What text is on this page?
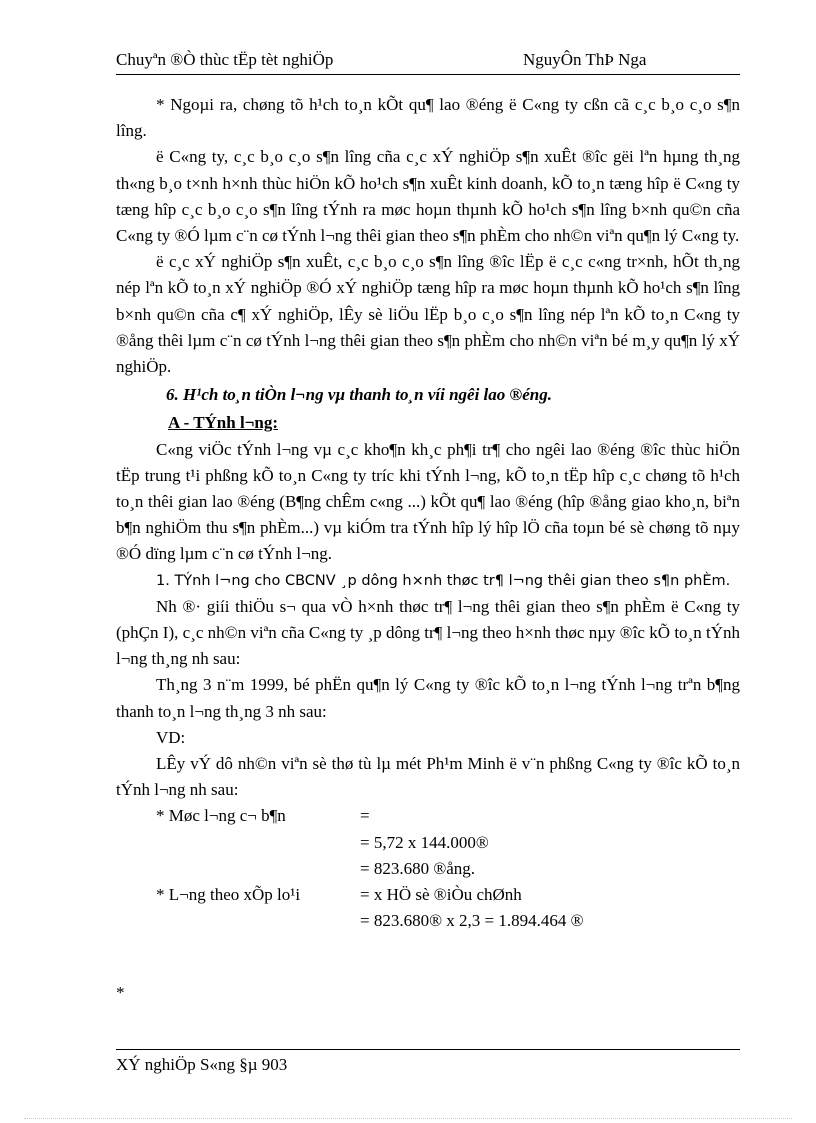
Chuyªn ®Ò thùc tËp tèt nghiÖp	NguyÔn ThÞ Nga

* Ngoµi ra, chøng tõ h¹ch to¸n kÕt qu¶ lao ®éng ë C«ng ty cßn cã c¸c b¸o c¸o s¶n lîng.

ë C«ng ty, c¸c b¸o c¸o s¶n lîng cña c¸c xÝ nghiÖp s¶n xuÊt ®îc gëi lªn hµng th¸ng th«ng b¸o t×nh h×nh thùc hiÖn kÕ ho¹ch s¶n xuÊt kinh doanh, kÕ to¸n tæng hîp ë C«ng ty tæng hîp c¸c b¸o c¸o s¶n lîng tÝnh ra møc hoµn thµnh kÕ ho¹ch s¶n lîng b×nh qu©n cña C«ng ty ®Ó lµm c¨n cø tÝnh l¬ng thêi gian theo s¶n phÈm cho nh©n viªn qu¶n lý C«ng ty.

ë c¸c xÝ nghiÖp s¶n xuÊt, c¸c b¸o c¸o s¶n lîng ®îc lËp ë c¸c c«ng tr×nh, hÕt th¸ng nép lªn kÕ to¸n xÝ nghiÖp ®Ó xÝ nghiÖp tæng hîp ra møc hoµn thµnh kÕ ho¹ch s¶n lîng b×nh qu©n cña c¶ xÝ nghiÖp, lÊy sè liÖu lËp b¸o c¸o s¶n lîng nép lªn kÕ to¸n C«ng ty ®ång thêi lµm c¨n cø tÝnh l¬ng thêi gian theo s¶n phÈm cho nh©n viªn bé m¸y qu¶n lý xÝ nghiÖp.

6. H¹ch to¸n tiÒn l¬ng vµ thanh to¸n víi ngêi lao ®éng.

A - TÝnh l¬ng:

C«ng viÖc tÝnh l¬ng vµ c¸c kho¶n kh¸c ph¶i tr¶ cho ngêi lao ®éng ®îc thùc hiÖn tËp trung t¹i phßng kÕ to¸n C«ng ty tríc khi tÝnh l¬ng, kÕ to¸n tËp hîp c¸c chøng tõ h¹ch to¸n thêi gian lao ®éng (B¶ng chÊm c«ng ...) kÕt qu¶ lao ®éng (hîp ®ång giao kho¸n, biªn b¶n nghiÖm thu s¶n phÈm...) vµ kiÓm tra tÝnh hîp lý hîp lÖ cña toµn bé sè chøng tõ nµy ®Ó dïng lµm c¨n cø tÝnh l¬ng.

1. TÝnh l¬ng cho CBCNV ¸p dông h×nh thøc tr¶ l¬ng thêi gian theo s¶n phÈm.

Nh ®· giíi thiÖu s¬ qua vÒ h×nh thøc tr¶ l¬ng thêi gian theo s¶n phÈm ë C«ng ty (phÇn I), c¸c nh©n viªn cña C«ng ty ¸p dông tr¶ l¬ng theo h×nh thøc nµy ®îc kÕ to¸n tÝnh l¬ng th¸ng nh sau:

Th¸ng 3 n¨m 1999, bé phËn qu¶n lý C«ng ty ®îc kÕ to¸n l¬ng tÝnh l¬ng trªn b¶ng thanh to¸n l¬ng th¸ng 3 nh sau:

VD:

LÊy vÝ dô nh©n viªn sè thø tù lµ mét Ph¹m Minh ë v¨n phßng C«ng ty ®îc kÕ to¸n tÝnh l¬ng nh sau:

* Møc l¬ng c¬ b¶n	=
= 5,72 x 144.000®
= 823.680 ®ång.
* L¬ng theo xÕp lo¹i	= x HÖ sè ®iÒu chØnh
= 823.680® x 2,3 = 1.894.464 ®
*
XÝ nghiÖp S«ng §µ 903
